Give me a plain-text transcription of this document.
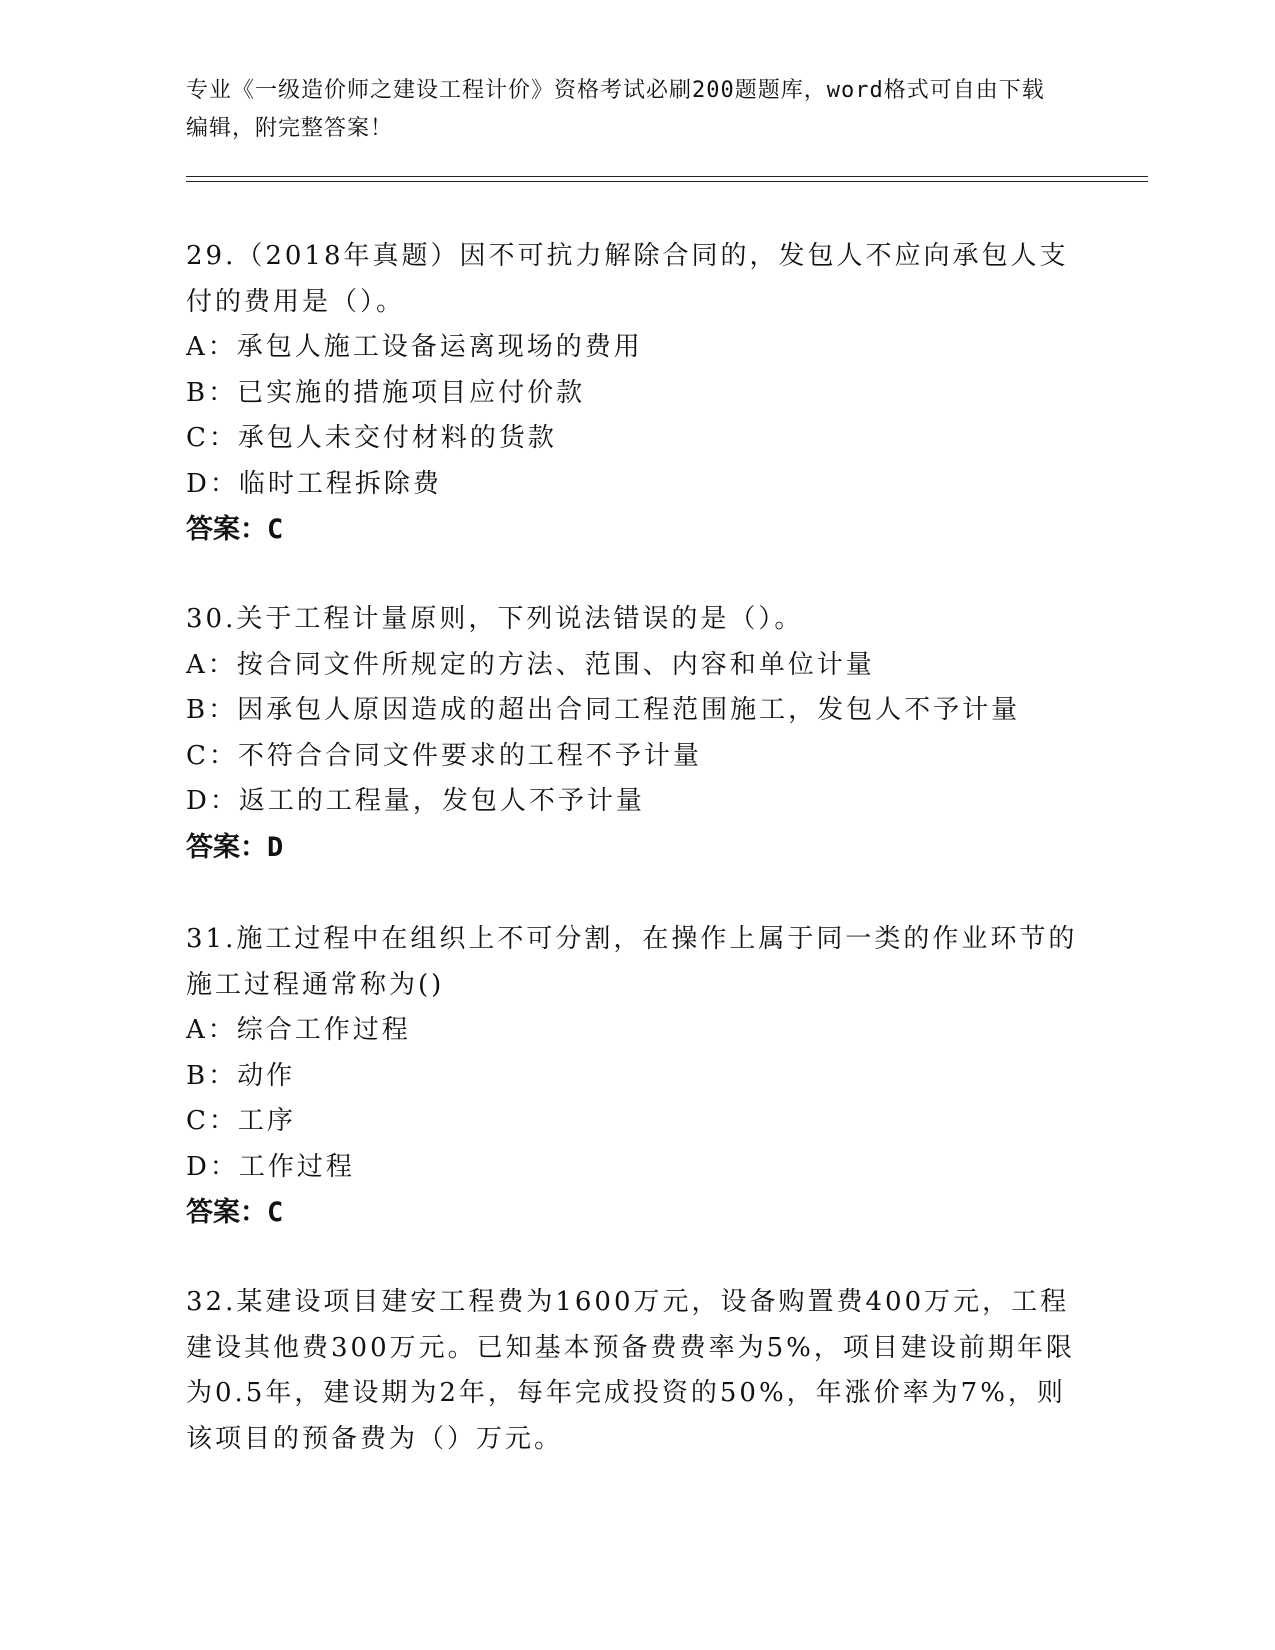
专业《一级造价师之建设工程计价》资格考试必刷200题题库，word格式可自由下载编辑，附完整答案！
29.（2018年真题）因不可抗力解除合同的，发包人不应向承包人支付的费用是（）。
A：承包人施工设备运离现场的费用
B：已实施的措施项目应付价款
C：承包人未交付材料的货款
D：临时工程拆除费
答案：C
30.关于工程计量原则，下列说法错误的是（）。
A：按合同文件所规定的方法、范围、内容和单位计量
B：因承包人原因造成的超出合同工程范围施工，发包人不予计量
C：不符合合同文件要求的工程不予计量
D：返工的工程量，发包人不予计量
答案：D
31.施工过程中在组织上不可分割，在操作上属于同一类的作业环节的施工过程通常称为()
A：综合工作过程
B：动作
C：工序
D：工作过程
答案：C
32.某建设项目建安工程费为1600万元，设备购置费400万元，工程建设其他费300万元。已知基本预备费费率为5%，项目建设前期年限为0.5年，建设期为2年，每年完成投资的50%，年涨价率为7%，则该项目的预备费为（）万元。
